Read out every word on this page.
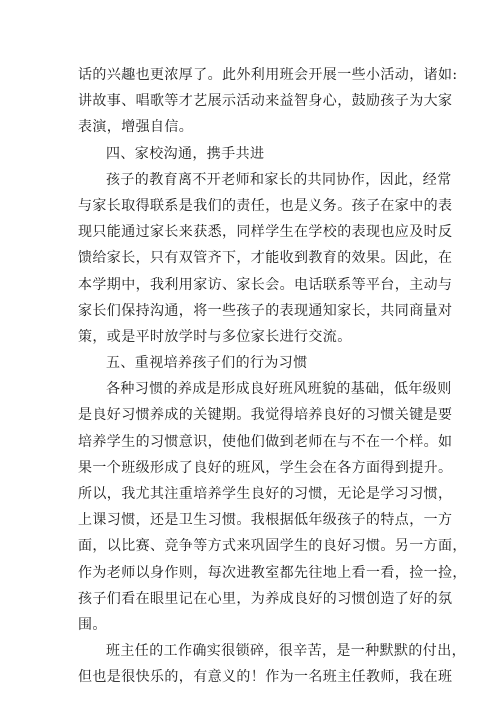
话的兴趣也更浓厚了。此外利用班会开展一些小活动，诸如:
讲故事、唱歌等才艺展示活动来益智身心，鼓励孩子为大家
表演，增强自信。

四、家校沟通，携手共进

孩子的教育离不开老师和家长的共同协作，因此，经常
与家长取得联系是我们的责任，也是义务。孩子在家中的表
现只能通过家长来获悉，同样学生在学校的表现也应及时反
馈给家长，只有双管齐下，才能收到教育的效果。因此，在
本学期中，我利用家访、家长会。电话联系等平台，主动与
家长们保持沟通，将一些孩子的表现通知家长，共同商量对
策，或是平时放学时与多位家长进行交流。

五、重视培养孩子们的行为习惯

各种习惯的养成是形成良好班风班貌的基础，低年级则
是良好习惯养成的关键期。我觉得培养良好的习惯关键是要
培养学生的习惯意识，使他们做到老师在与不在一个样。如
果一个班级形成了良好的班风，学生会在各方面得到提升。
所以，我尤其注重培养学生良好的习惯，无论是学习习惯，
上课习惯，还是卫生习惯。我根据低年级孩子的特点，一方
面，以比赛、竞争等方式来巩固学生的良好习惯。另一方面，
作为老师以身作则，每次进教室都先往地上看一看，捡一捡，
孩子们看在眼里记在心里，为养成良好的习惯创造了好的氛
围。

班主任的工作确实很锁碎，很辛苦，是一种默默的付出，
但也是很快乐的，有意义的！作为一名班主任教师，我在班
